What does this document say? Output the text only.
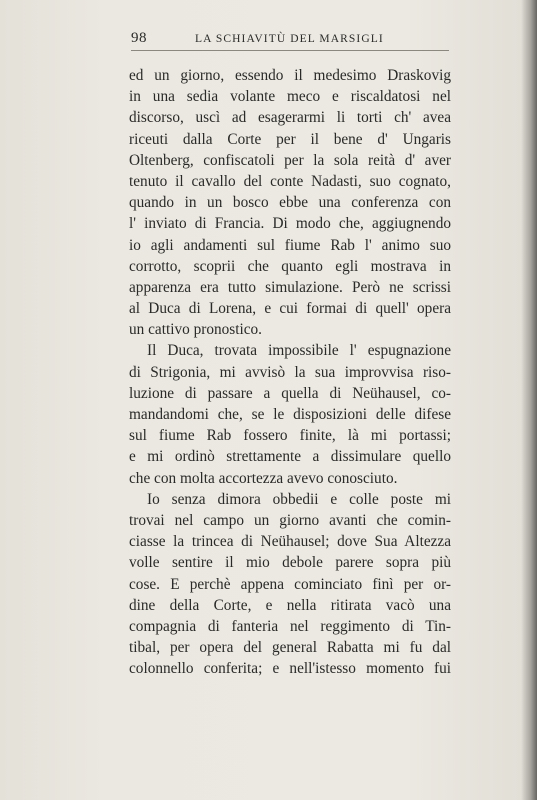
98	LA SCHIAVITÙ DEL MARSIGLI
ed un giorno, essendo il medesimo Draskovig
in una sedia volante meco e riscaldatosi nel
discorso, uscì ad esagerarmi li torti ch' avea
riceuti dalla Corte per il bene d' Ungaris
Oltenberg, confiscatoli per la sola reità d' aver
tenuto il cavallo del conte Nadasti, suo cognato,
quando in un bosco ebbe una conferenza con
l' inviato di Francia. Di modo che, aggiugnendo
io agli andamenti sul fiume Rab l' animo suo
corrotto, scoprii che quanto egli mostrava in
apparenza era tutto simulazione. Però ne scrissi
al Duca di Lorena, e cui formai di quell' opera
un cattivo pronostico.
Il Duca, trovata impossibile l' espugnazione
di Strigonia, mi avvisò la sua improvvisa riso-
luzione di passare a quella di Neühausel, co-
mandandomi che, se le disposizioni delle difese
sul fiume Rab fossero finite, là mi portassi;
e mi ordinò strettamente a dissimulare quello
che con molta accortezza avevo conosciuto.
Io senza dimora obbedii e colle poste mi
trovai nel campo un giorno avanti che comin-
ciasse la trincea di Neühausel; dove Sua Altezza
volle sentire il mio debole parere sopra più
cose. E perchè appena cominciato finì per or-
dine della Corte, e nella ritirata vacò una
compagnia di fanteria nel reggimento di Tin-
tibal, per opera del general Rabatta mi fu dal
colonnello conferita; e nell'istesso momento fui
